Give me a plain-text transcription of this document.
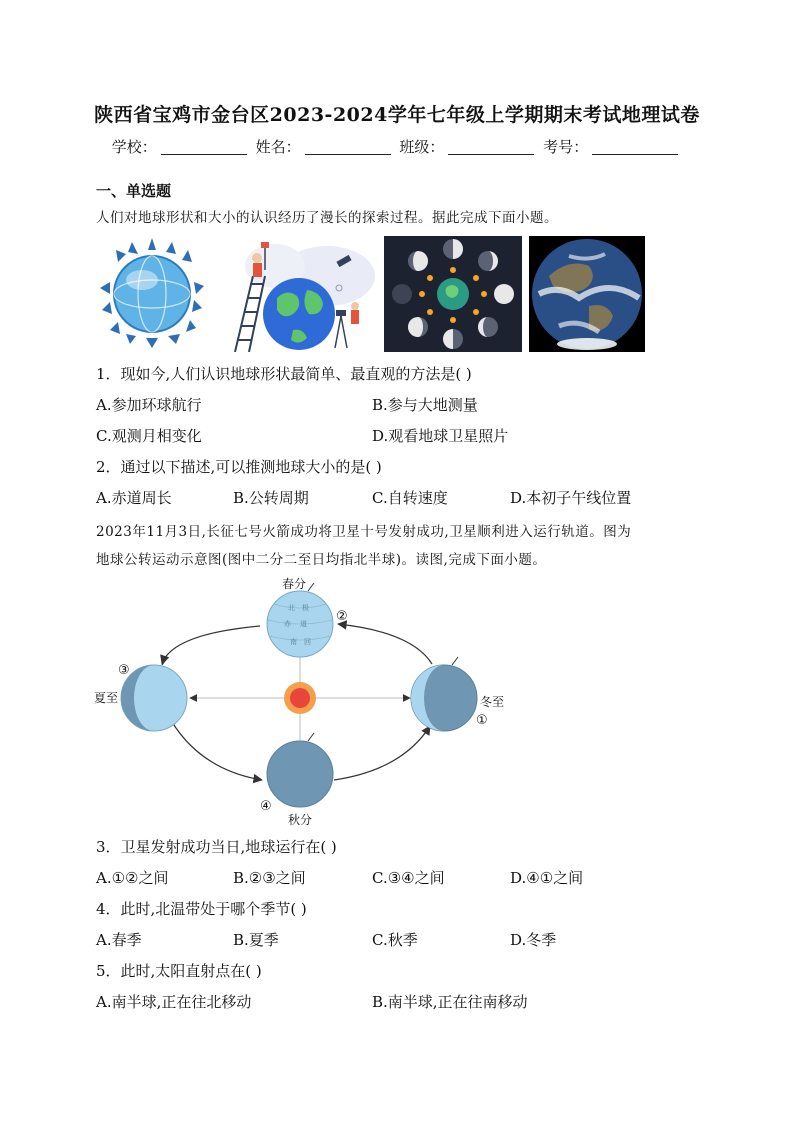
陕西省宝鸡市金台区2023-2024学年七年级上学期期末考试地理试卷
学校：	姓名：	班级：	考号：
一、单选题
人们对地球形状和大小的认识经历了漫长的探索过程。据此完成下面小题。
1．现如今,人们认识地球形状最简单、最直观的方法是( )
A.参加环球航行	B.参与大地测量
C.观测月相变化	D.观看地球卫星照片
2．通过以下描述,可以推测地球大小的是( )
A.赤道周长	B.公转周期	C.自转速度	D.本初子午线位置
2023年11月3日,长征七号火箭成功将卫星十号发射成功,卫星顺利进入运行轨道。图为
地球公转运动示意图(图中二分二至日均指北半球)。读图,完成下面小题。
北 极
赤 道
南 回
春分
②
③
夏至	冬至
①
④
秋分
3．卫星发射成功当日,地球运行在( )
A.①②之间	B.②③之间	C.③④之间	D.④①之间
4．此时,北温带处于哪个季节( )
A.春季	B.夏季	C.秋季	D.冬季
5．此时,太阳直射点在( )
A.南半球,正在往北移动	B.南半球,正在往南移动
